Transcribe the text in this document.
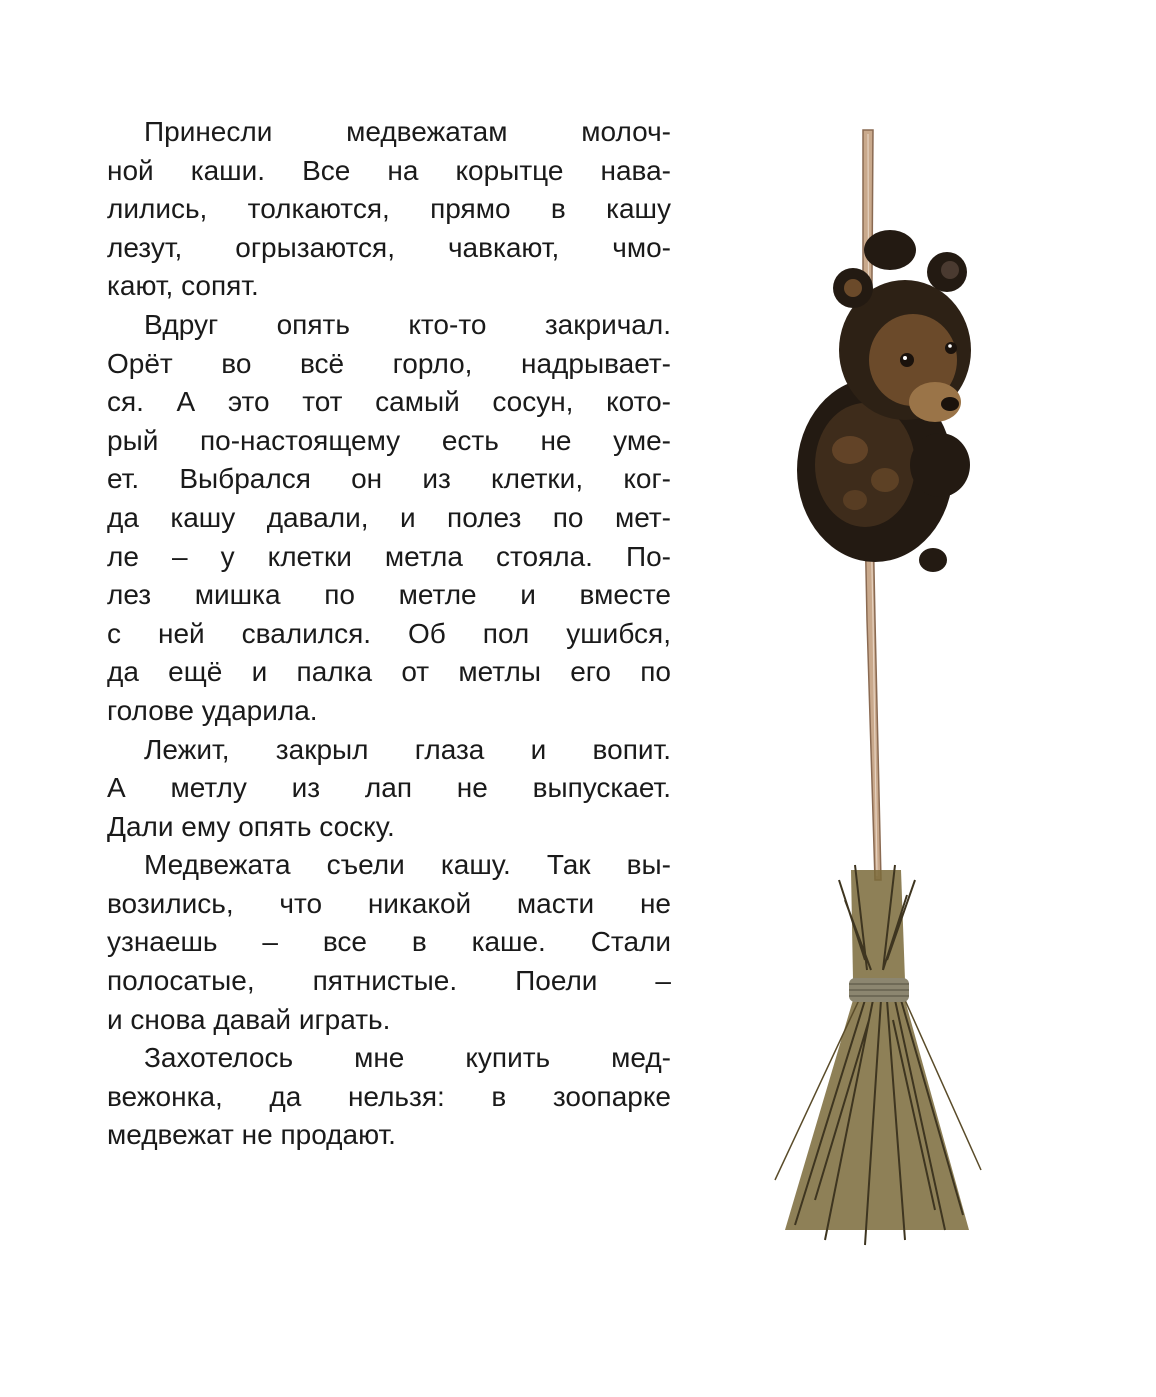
Принесли медвежатам молоч-
ной каши. Все на корытце нава-
лились, толкаются, прямо в кашу
лезут, огрызаются, чавкают, чмо-
кают, сопят.
Вдруг опять кто-то закричал.
Орёт во всё горло, надрывает-
ся. А это тот самый сосун, кото-
рый по-настоящему есть не уме-
ет. Выбрался он из клетки, ког-
да кашу давали, и полез по мет-
ле – у клетки метла стояла. По-
лез мишка по метле и вместе
с ней свалился. Об пол ушибся,
да ещё и палка от метлы его по
голове ударила.
Лежит, закрыл глаза и вопит.
А метлу из лап не выпускает.
Дали ему опять соску.
Медвежата съели кашу. Так вы-
возились, что никакой масти не
узнаешь – все в каше. Стали
полосатые, пятнистые. Поели –
и снова давай играть.
Захотелось мне купить мед-
вежонка, да нельзя: в зоопарке
медвежат не продают.
